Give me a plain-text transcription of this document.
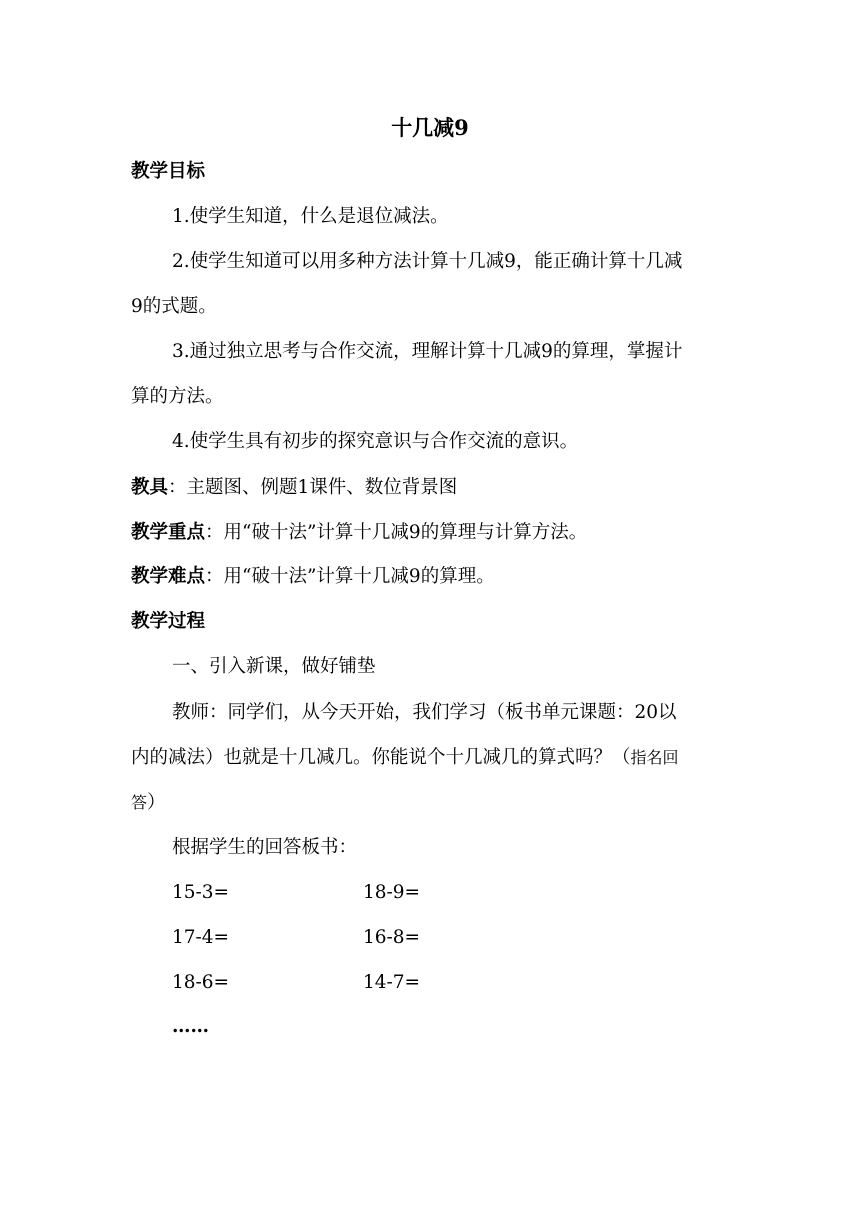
十几减9
教学目标
1.使学生知道，什么是退位减法。
2.使学生知道可以用多种方法计算十几减9，能正确计算十几减
9的式题。
3.通过独立思考与合作交流，理解计算十几减9的算理，掌握计
算的方法。
4.使学生具有初步的探究意识与合作交流的意识。
教具：主题图、例题1课件、数位背景图
教学重点：用“破十法”计算十几减9的算理与计算方法。
教学难点：用“破十法”计算十几减9的算理。
教学过程
一、引入新课，做好铺垫
教师：同学们，从今天开始，我们学习（板书单元课题：20以
内的减法）也就是十几减几。你能说个十几减几的算式吗？（指名回
答）
根据学生的回答板书：
15-3=	18-9=
17-4=	16-8=
18-6=	14-7=
……
